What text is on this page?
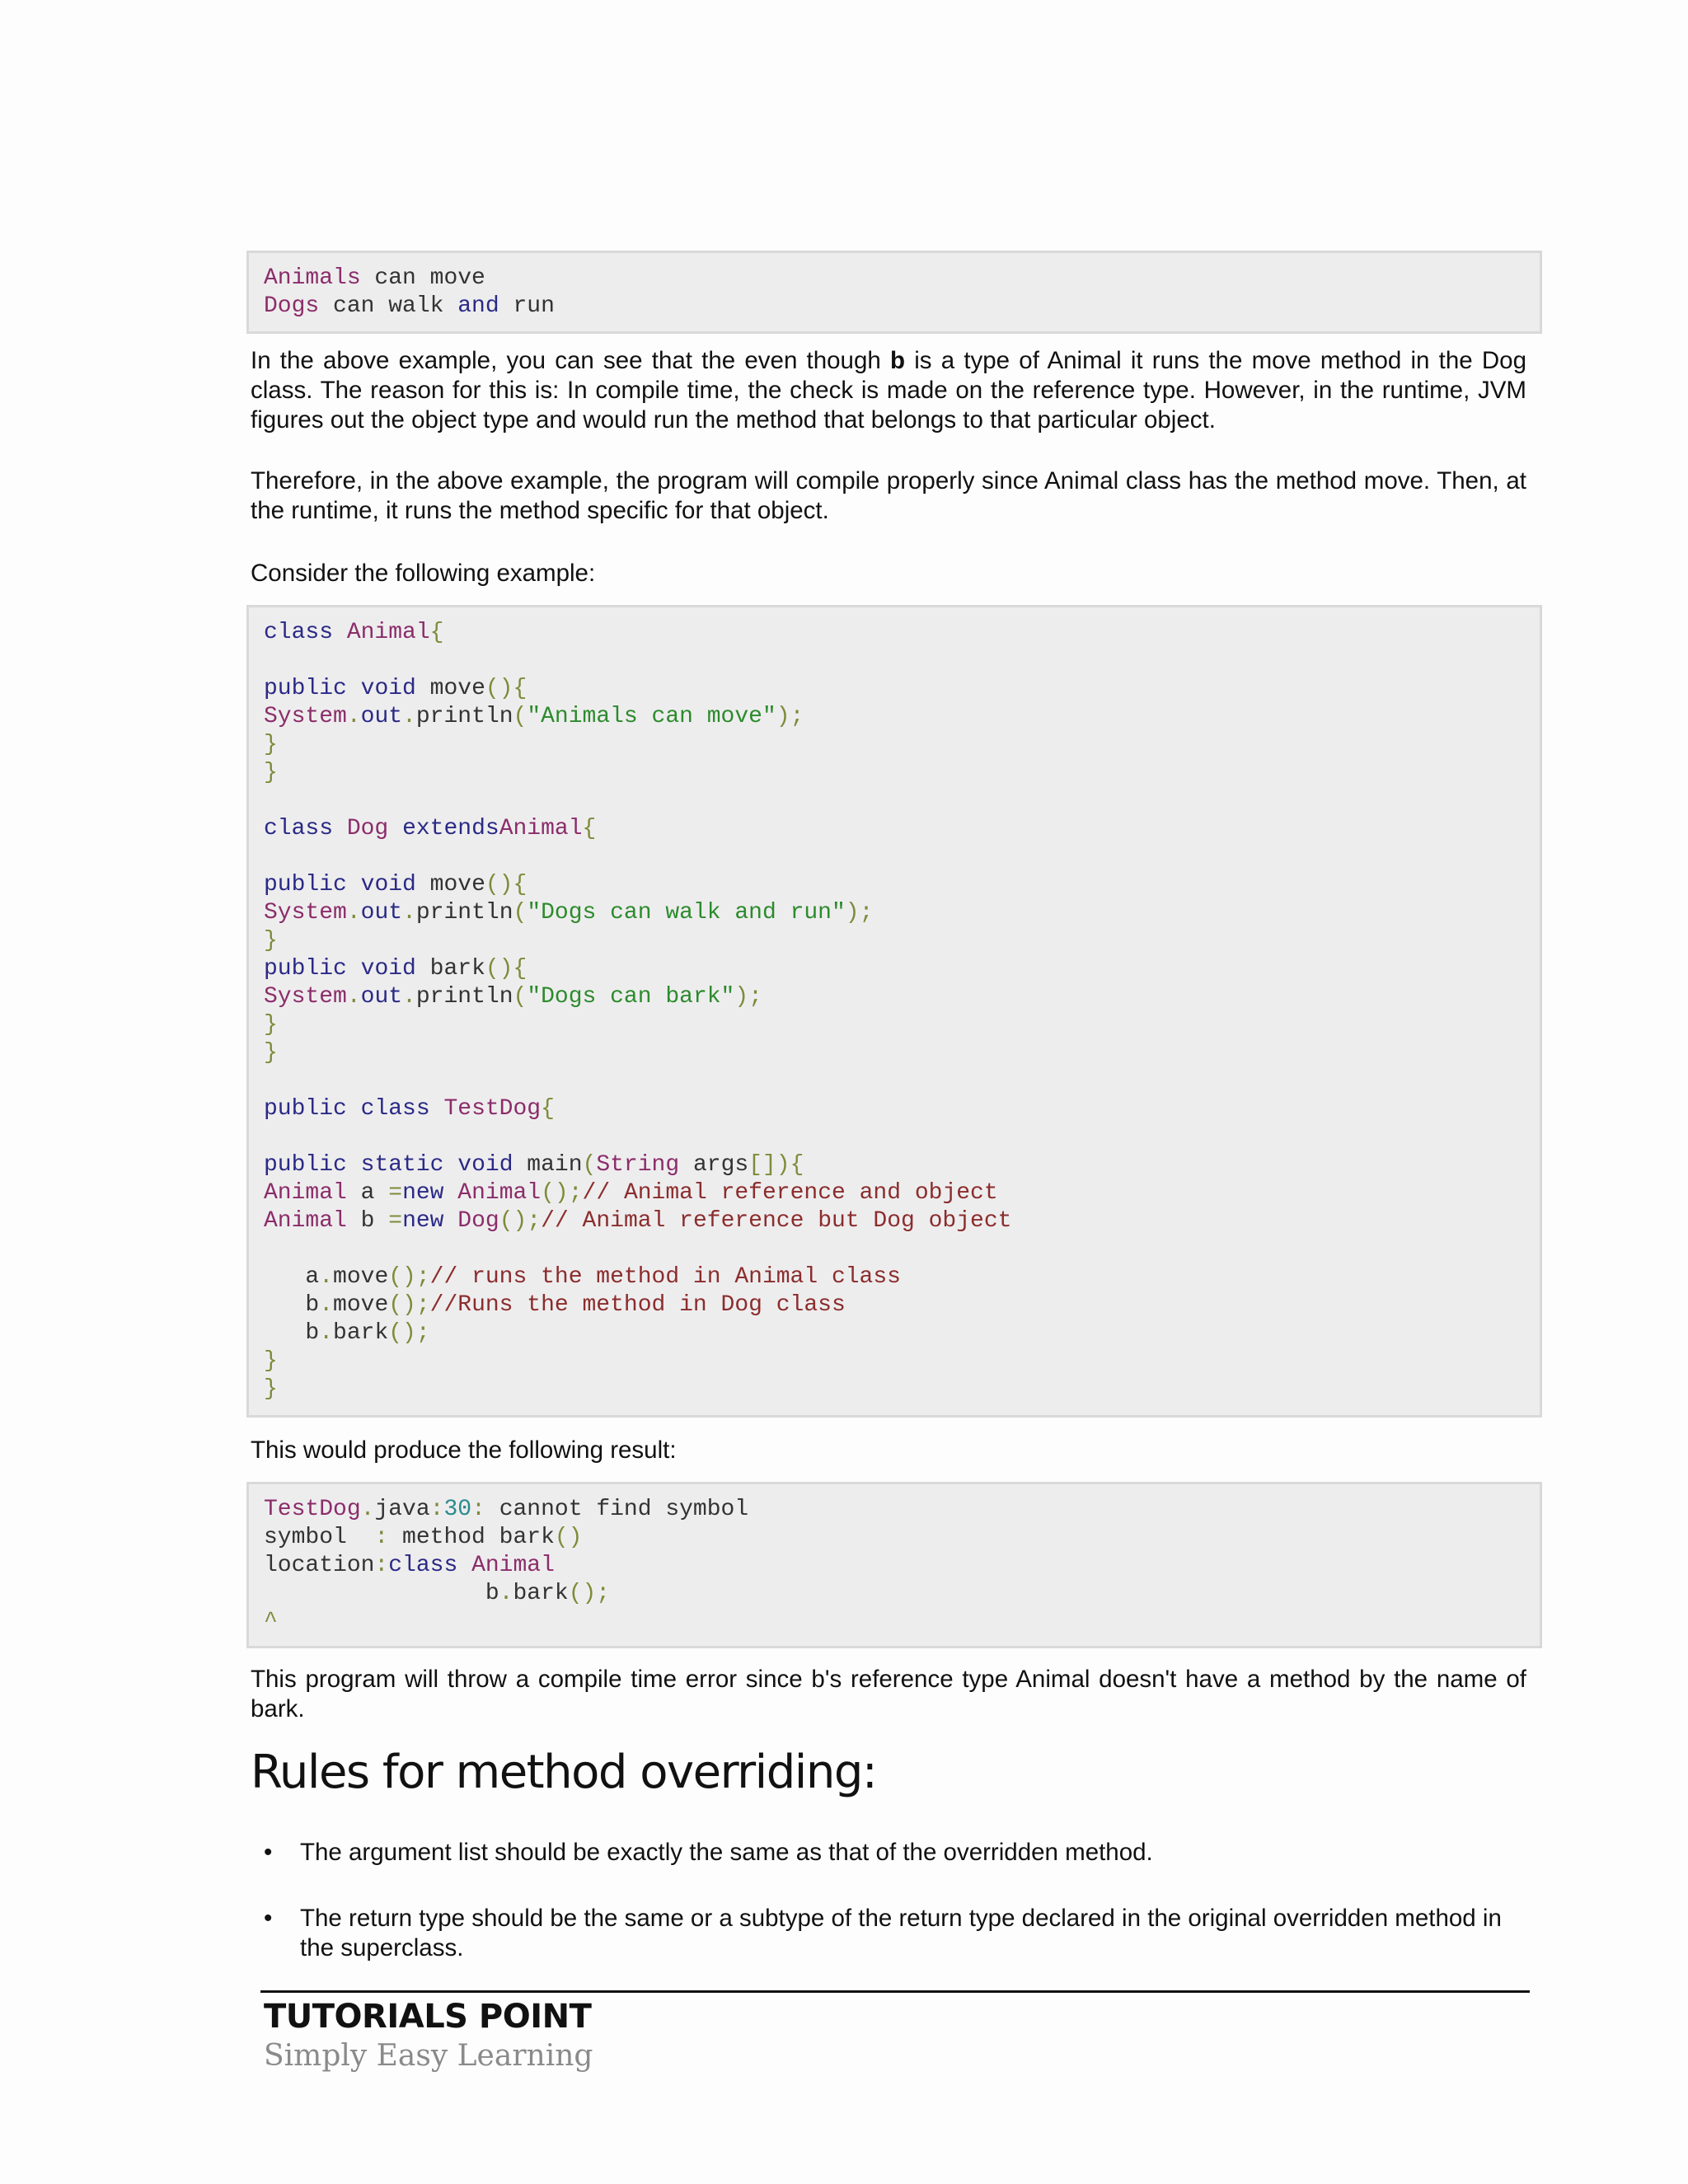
Animals can move
Dogs can walk and run

In the above example, you can see that the even though b is a type of Animal it runs the move method in the Dog class. The reason for this is: In compile time, the check is made on the reference type. However, in the runtime, JVM figures out the object type and would run the method that belongs to that particular object.

Therefore, in the above example, the program will compile properly since Animal class has the method move. Then, at the runtime, it runs the method specific for that object.

Consider the following example:

class Animal{
public void move(){
System.out.println("Animals can move");
}
}
class Dog extendsAnimal{
public void move(){
System.out.println("Dogs can walk and run");
}
public void bark(){
System.out.println("Dogs can bark");
}
}
public class TestDog{
public static void main(String args[]){
Animal a =new Animal();// Animal reference and object
Animal b =new Dog();// Animal reference but Dog object
a.move();// runs the method in Animal class
b.move();//Runs the method in Dog class
b.bark();
}
}

This would produce the following result:

TestDog.java:30: cannot find symbol
symbol  : method bark()
location:class Animal
b.bark();
^

This program will throw a compile time error since b's reference type Animal doesn't have a method by the name of bark.

Rules for method overriding:
• The argument list should be exactly the same as that of the overridden method.
• The return type should be the same or a subtype of the return type declared in the original overridden method in the superclass.
TUTORIALS POINT
Simply Easy Learning
